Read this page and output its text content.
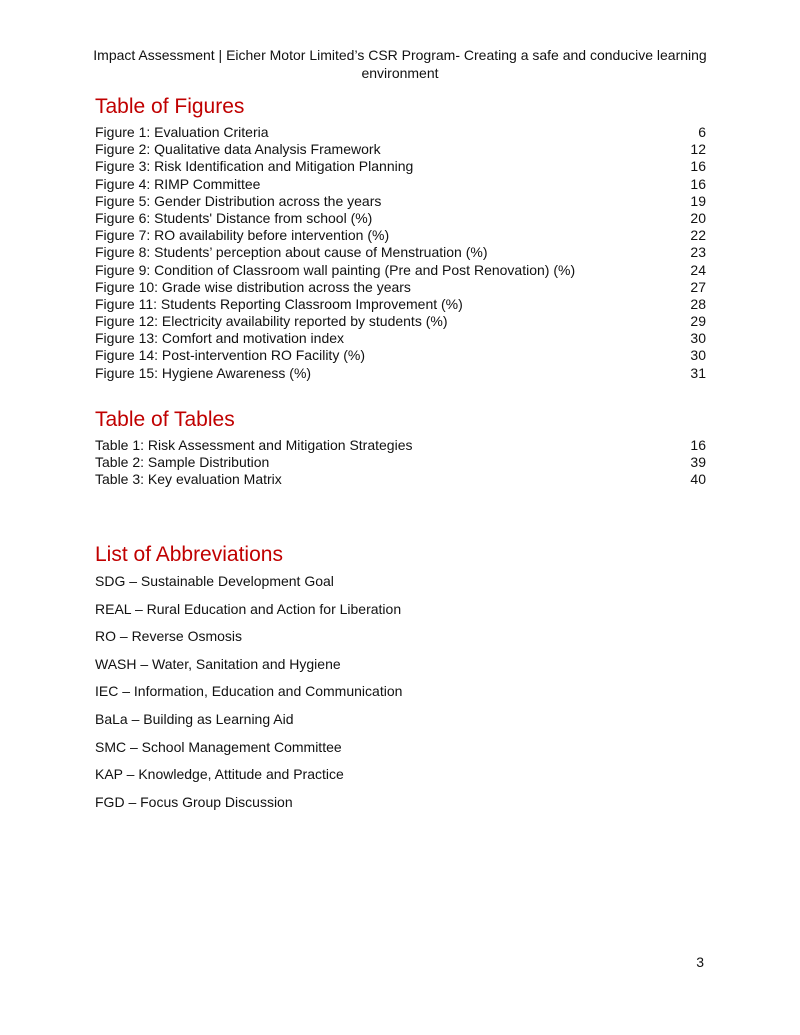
Impact Assessment | Eicher Motor Limited’s CSR Program- Creating a safe and conducive learning
environment
Table of Figures
Figure 1: Evaluation Criteria	6
Figure 2: Qualitative data Analysis Framework	12
Figure 3: Risk Identification and Mitigation Planning	16
Figure 4: RIMP Committee	16
Figure 5: Gender Distribution across the years	19
Figure 6: Students' Distance from school (%)	20
Figure 7: RO availability before intervention (%)	22
Figure 8: Students’ perception about cause of Menstruation (%)	23
Figure 9: Condition of Classroom wall painting (Pre and Post Renovation) (%)	24
Figure 10: Grade wise distribution across the years	27
Figure 11: Students Reporting Classroom Improvement (%)	28
Figure 12: Electricity availability reported by students (%)	29
Figure 13: Comfort and motivation index	30
Figure 14: Post-intervention RO Facility (%)	30
Figure 15: Hygiene Awareness (%)	31
Table of Tables
Table 1: Risk Assessment and Mitigation Strategies	16
Table 2: Sample Distribution	39
Table 3: Key evaluation Matrix	40
List of Abbreviations
SDG – Sustainable Development Goal
REAL – Rural Education and Action for Liberation
RO – Reverse Osmosis
WASH – Water, Sanitation and Hygiene
IEC – Information, Education and Communication
BaLa – Building as Learning Aid
SMC – School Management Committee
KAP – Knowledge, Attitude and Practice
FGD – Focus Group Discussion
3
